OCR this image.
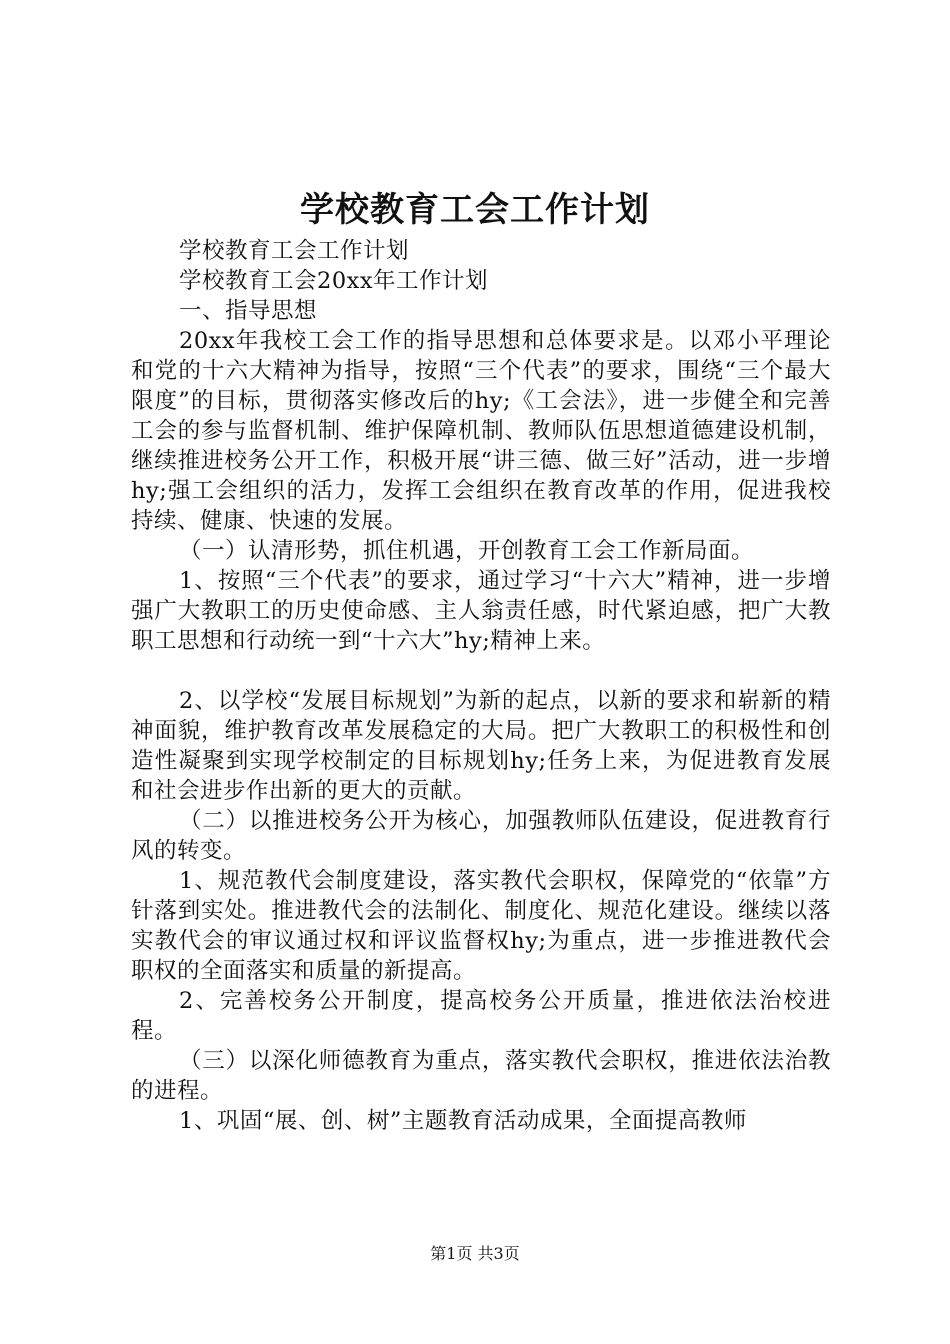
学校教育工会工作计划

学校教育工会工作计划

学校教育工会20xx年工作计划

一、指导思想

20xx年我校工会工作的指导思想和总体要求是。以邓小平理论和党的十六大精神为指导，按照“三个代表”的要求，围绕“三个最大限度”的目标，贯彻落实修改后的hy;《工会法》，进一步健全和完善工会的参与监督机制、维护保障机制、教师队伍思想道德建设机制，继续推进校务公开工作，积极开展“讲三德、做三好”活动，进一步增hy;强工会组织的活力，发挥工会组织在教育改革的作用，促进我校持续、健康、快速的发展。

（一）认清形势，抓住机遇，开创教育工会工作新局面。

1、按照“三个代表”的要求，通过学习“十六大”精神，进一步增强广大教职工的历史使命感、主人翁责任感，时代紧迫感，把广大教职工思想和行动统一到“十六大”hy;精神上来。

2、以学校“发展目标规划”为新的起点，以新的要求和崭新的精神面貌，维护教育改革发展稳定的大局。把广大教职工的积极性和创造性凝聚到实现学校制定的目标规划hy;任务上来，为促进教育发展和社会进步作出新的更大的贡献。

（二）以推进校务公开为核心，加强教师队伍建设，促进教育行风的转变。

1、规范教代会制度建设，落实教代会职权，保障党的“依靠”方针落到实处。推进教代会的法制化、制度化、规范化建设。继续以落实教代会的审议通过权和评议监督权hy;为重点，进一步推进教代会职权的全面落实和质量的新提高。

2、完善校务公开制度，提高校务公开质量，推进依法治校进程。

（三）以深化师德教育为重点，落实教代会职权，推进依法治教的进程。

1、巩固“展、创、树”主题教育活动成果，全面提高教师

第1页 共3页
